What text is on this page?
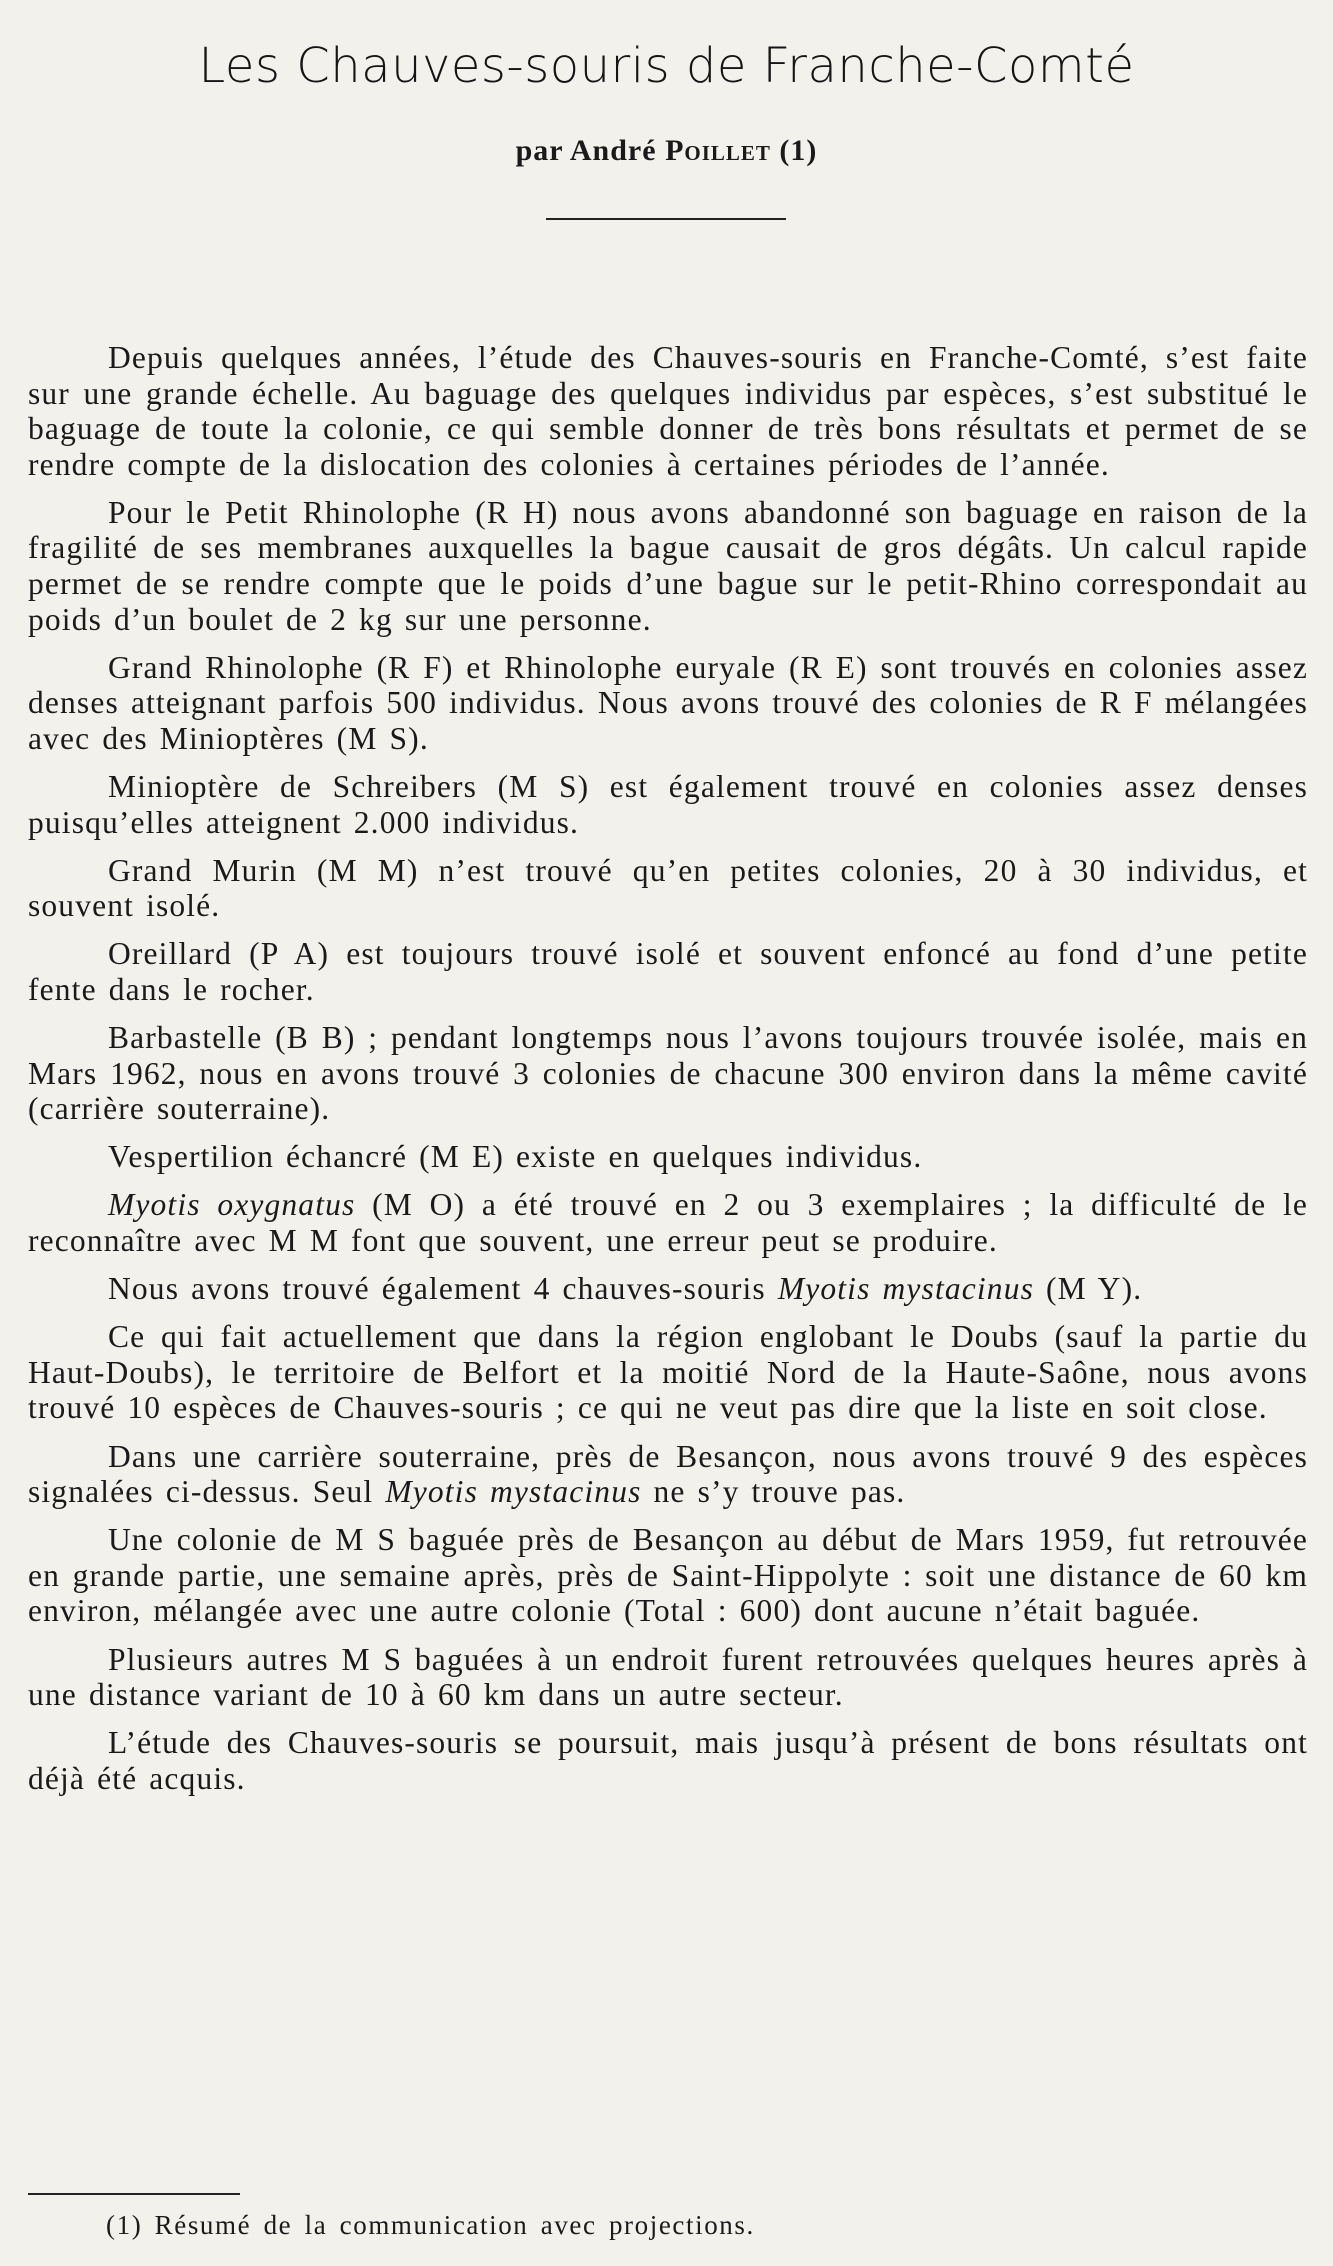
Les Chauves-souris de Franche-Comté
par André Poillet (1)

Depuis quelques années, l’étude des Chauves-souris en Franche-Comté, s’est faite sur une grande échelle. Au baguage des quelques individus par espèces, s’est substitué le baguage de toute la colonie, ce qui semble donner de très bons résultats et permet de se rendre compte de la dislocation des colonies à certaines périodes de l’année.

Pour le Petit Rhinolophe (R H) nous avons abandonné son baguage en raison de la fragilité de ses membranes auxquelles la bague causait de gros dégâts. Un calcul rapide permet de se rendre compte que le poids d’une bague sur le petit-Rhino correspondait au poids d’un boulet de 2 kg sur une personne.

Grand Rhinolophe (R F) et Rhinolophe euryale (R E) sont trouvés en colonies assez denses atteignant parfois 500 individus. Nous avons trouvé des colonies de R F mélangées avec des Minioptères (M S).

Minioptère de Schreibers (M S) est également trouvé en colonies assez denses puisqu’elles atteignent 2.000 individus.

Grand Murin (M M) n’est trouvé qu’en petites colonies, 20 à 30 individus, et souvent isolé.

Oreillard (P A) est toujours trouvé isolé et souvent enfoncé au fond d’une petite fente dans le rocher.

Barbastelle (B B) ; pendant longtemps nous l’avons toujours trouvée isolée, mais en Mars 1962, nous en avons trouvé 3 colonies de chacune 300 environ dans la même cavité (carrière souterraine).

Vespertilion échancré (M E) existe en quelques individus.

Myotis oxygnatus (M O) a été trouvé en 2 ou 3 exemplaires ; la difficulté de le reconnaître avec M M font que souvent, une erreur peut se produire.

Nous avons trouvé également 4 chauves-souris Myotis mystacinus (M Y).

Ce qui fait actuellement que dans la région englobant le Doubs (sauf la partie du Haut-Doubs), le territoire de Belfort et la moitié Nord de la Haute-Saône, nous avons trouvé 10 espèces de Chauves-souris ; ce qui ne veut pas dire que la liste en soit close.

Dans une carrière souterraine, près de Besançon, nous avons trouvé 9 des espèces signalées ci-dessus. Seul Myotis mystacinus ne s’y trouve pas.

Une colonie de M S baguée près de Besançon au début de Mars 1959, fut retrouvée en grande partie, une semaine après, près de Saint-Hippolyte : soit une distance de 60 km environ, mélangée avec une autre colonie (Total : 600) dont aucune n’était baguée.

Plusieurs autres M S baguées à un endroit furent retrouvées quelques heures après à une distance variant de 10 à 60 km dans un autre secteur.

L’étude des Chauves-souris se poursuit, mais jusqu’à présent de bons résultats ont déjà été acquis.

(1) Résumé de la communication avec projections.
